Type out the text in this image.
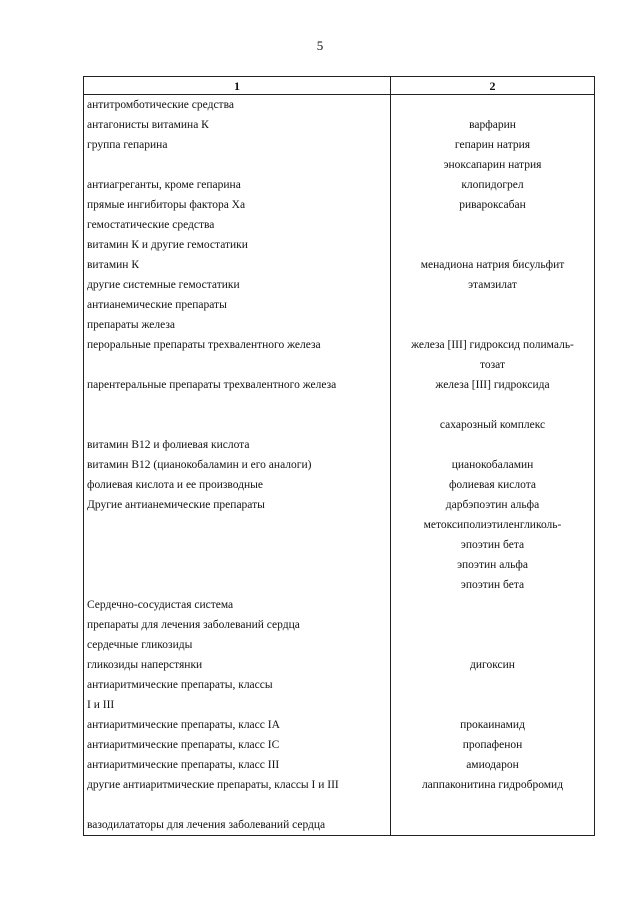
5
1	2
антитромботические средства	
антагонисты витамина К	варфарин
группа гепарина	гепарин натрия
	эноксапарин натрия
антиагреганты, кроме гепарина	клопидогрел
прямые ингибиторы фактора Xa	ривароксабан
гемостатические средства	
витамин К и другие гемостатики	
витамин К	менадиона натрия бисульфит
другие системные гемостатики	этамзилат
антианемические препараты	
препараты железа	
пероральные препараты трехвалентного железа	железа [III] гидроксид полималь-
	тозат
парентеральные препараты трехвалентного железа	железа [III] гидроксида

	сахарозный комплекс
витамин В12 и фолиевая кислота	
витамин В12 (цианокобаламин и его аналоги)	цианокобаламин
фолиевая кислота и ее производные	фолиевая кислота
Другие антианемические препараты	дарбэпоэтин альфа
	метоксиполиэтиленгликоль-
	эпоэтин бета
	эпоэтин альфа
	эпоэтин бета
Сердечно-сосудистая система	
препараты для лечения заболеваний сердца	
сердечные гликозиды	
гликозиды наперстянки	дигоксин
антиаритмические препараты, классы	
I и III	
антиаритмические препараты, класс IA	прокаинамид
антиаритмические препараты, класс IC	пропафенон
антиаритмические препараты, класс III	амиодарон
другие антиаритмические препараты, классы I и III	лаппаконитина гидробромид

вазодилататоры для лечения заболеваний сердца	
